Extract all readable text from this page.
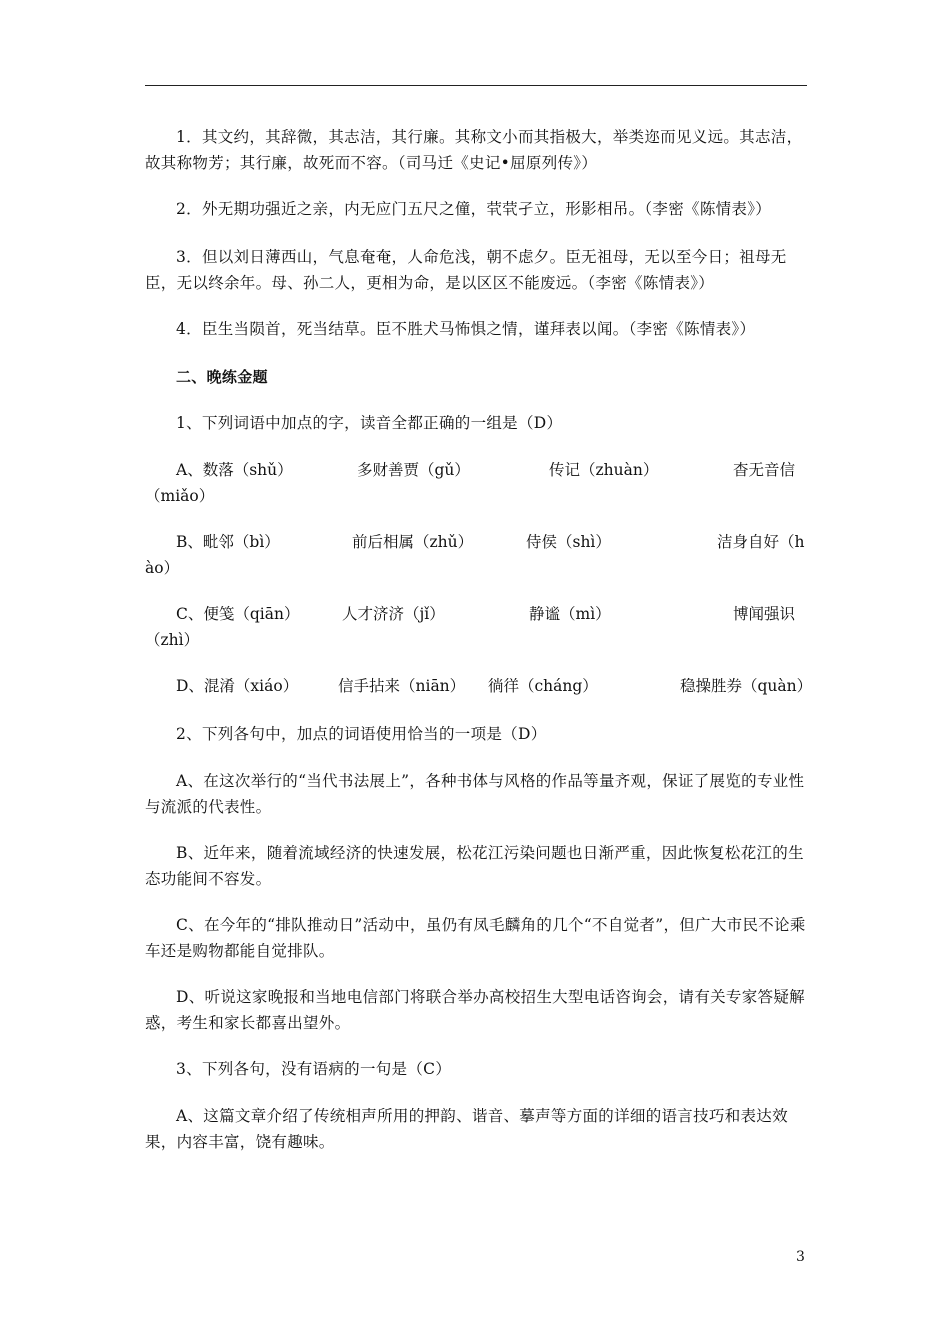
1．其文约，其辞微，其志洁，其行廉。其称文小而其指极大，举类迩而见义远。其志洁，故其称物芳；其行廉，故死而不容。（司马迁《史记•屈原列传》）
2．外无期功强近之亲，内无应门五尺之僮，茕茕孑立，形影相吊。（李密《陈情表》）
3．但以刘日薄西山，气息奄奄，人命危浅，朝不虑夕。臣无祖母，无以至今日；祖母无臣，无以终余年。母、孙二人，更相为命，是以区区不能废远。（李密《陈情表》）
4．臣生当陨首，死当结草。臣不胜犬马怖惧之情，谨拜表以闻。（李密《陈情表》）
二、晚练金题
1、下列词语中加点的字，读音全都正确的一组是（D）
A、数落（shǔ）	多财善贾（gǔ）	传记（zhuàn）	杳无音信
（miǎo）
B、毗邻（bì）	前后相属（zhǔ）	侍侯（shì）	洁身自好（h
ào）
C、便笺（qiān）	人才济济（jǐ）	静谧（mì）	博闻强识
（zhì）
D、混淆（xiáo）	信手拈来（niān） 徜徉（cháng）	稳操胜券（quàn）
2、下列各句中，加点的词语使用恰当的一项是（D）
A、在这次举行的“当代书法展上”，各种书体与风格的作品等量齐观，保证了展览的专业性与流派的代表性。
B、近年来，随着流域经济的快速发展，松花江污染问题也日渐严重，因此恢复松花江的生态功能间不容发。
C、在今年的“排队推动日”活动中，虽仍有凤毛麟角的几个“不自觉者”，但广大市民不论乘车还是购物都能自觉排队。
D、听说这家晚报和当地电信部门将联合举办高校招生大型电话咨询会，请有关专家答疑解惑，考生和家长都喜出望外。
3、下列各句，没有语病的一句是（C）
A、这篇文章介绍了传统相声所用的押韵、谐音、摹声等方面的详细的语言技巧和表达效果，内容丰富，饶有趣味。
3
